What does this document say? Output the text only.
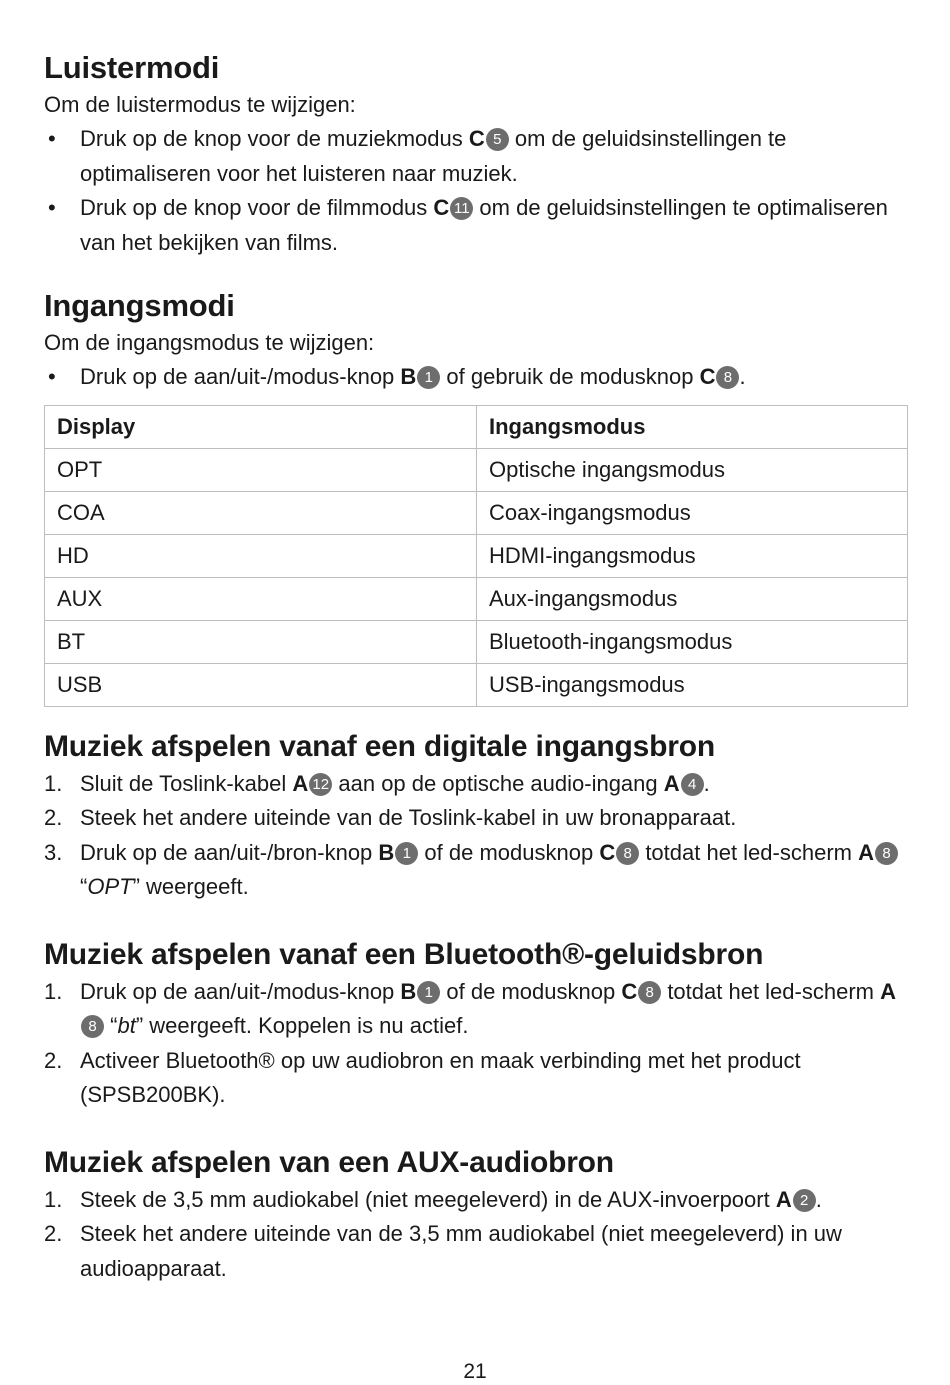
Luistermodi

Om de luistermodus te wijzigen:

• Druk op de knop voor de muziekmodus C 5 om de geluidsinstellingen te optimaliseren voor het luisteren naar muziek.
• Druk op de knop voor de filmmodus C 11 om de geluidsinstellingen te optimaliseren van het bekijken van films.
Ingangsmodi

Om de ingangsmodus te wijzigen:

• Druk op de aan/uit-/modus-knop B 1 of gebruik de modusknop C 8 .
Display	Ingangsmodus
OPT	Optische ingangsmodus
COA	Coax-ingangsmodus
HD	HDMI-ingangsmodus
AUX	Aux-ingangsmodus
BT	Bluetooth-ingangsmodus
USB	USB-ingangsmodus
Muziek afspelen vanaf een digitale ingangsbron
1. Sluit de Toslink-kabel A 12 aan op de optische audio-ingang A 4 .
2. Steek het andere uiteinde van de Toslink-kabel in uw bronapparaat.
3. Druk op de aan/uit-/bron-knop B 1 of de modusknop C 8 totdat het led-scherm A 8 “OPT” weergeeft.
Muziek afspelen vanaf een Bluetooth®-geluidsbron
1. Druk op de aan/uit-/modus-knop B 1 of de modusknop C 8 totdat het led-scherm A8 “bt” weergeeft. Koppelen is nu actief.
2. Activeer Bluetooth® op uw audiobron en maak verbinding met het product (SPSB200BK).
Muziek afspelen van een AUX-audiobron
1. Steek de 3,5 mm audiokabel (niet meegeleverd) in de AUX-invoerpoort A 2 .
2. Steek het andere uiteinde van de 3,5 mm audiokabel (niet meegeleverd) in uw audioapparaat.
21
